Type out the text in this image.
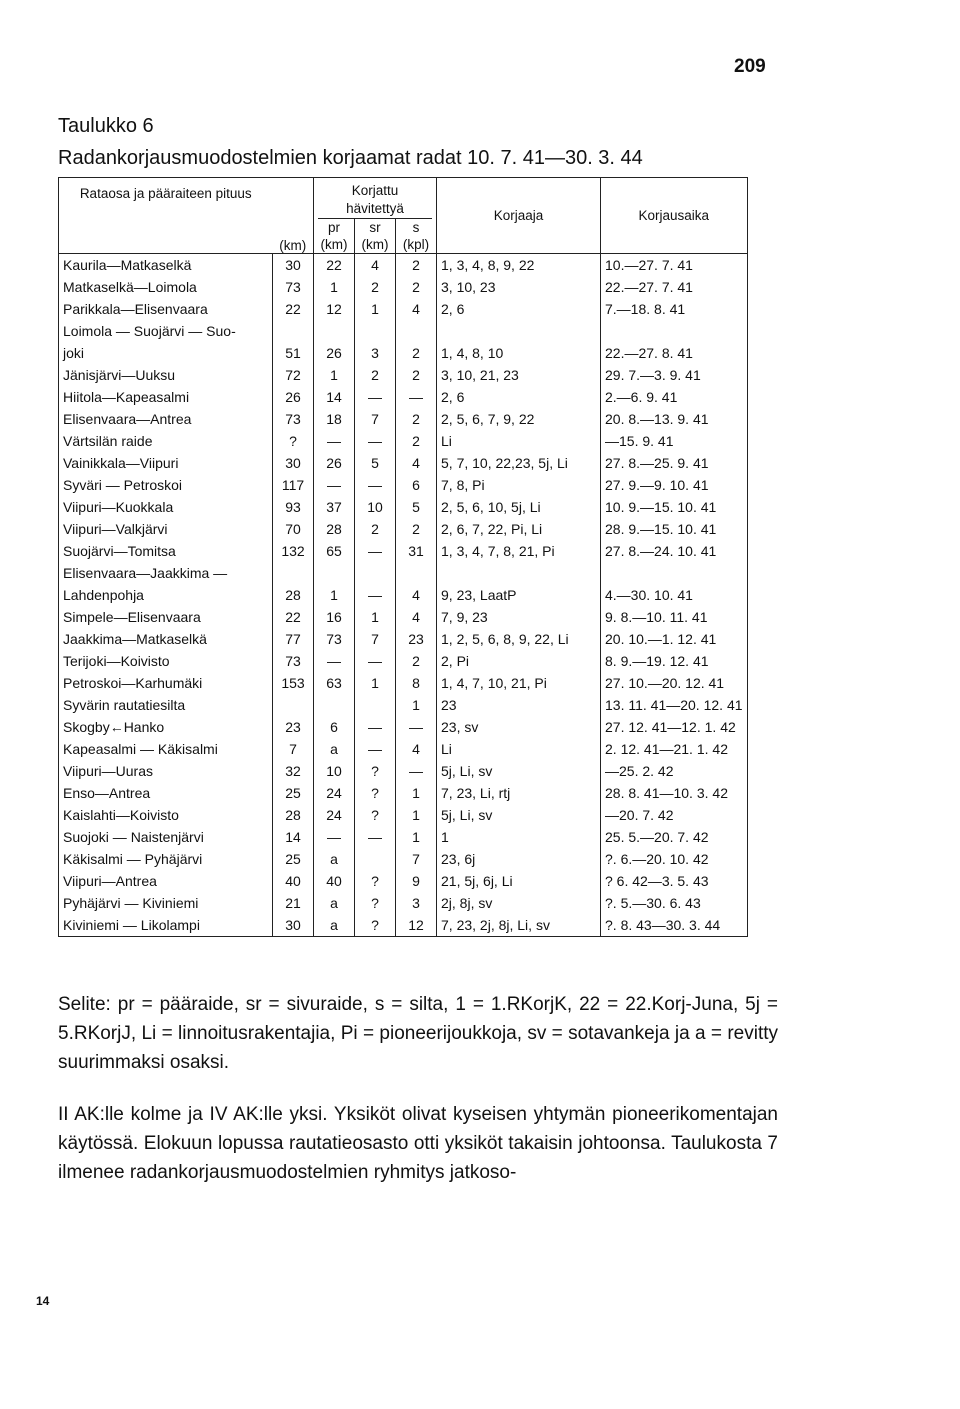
209
Taulukko 6
Radankorjausmuodostelmien korjaamat radat 10. 7. 41—30. 3. 44
Rataosa ja pääraiteen pituus	(km)	Korjattu
hävitettyä			Korjaaja	Korjausaika
		pr	sr	s		
		(km)	(km)	(kpl)		
Kaurila—Matkaselkä	30	22	4	2	1, 3, 4, 8, 9, 22	10.—27. 7. 41
Matkaselkä—Loimola	73	1	2	2	3, 10, 23	22.—27. 7. 41
Parikkala—Elisenvaara	22	12	1	4	2, 6	7.—18. 8. 41
Loimola — Suojärvi — Suo-						
joki	51	26	3	2	1, 4, 8, 10	22.—27. 8. 41
Jänisjärvi—Uuksu	72	1	2	2	3, 10, 21, 23	29. 7.—3. 9. 41
Hiitola—Kapeasalmi	26	14	—	—	2, 6	2.—6. 9. 41
Elisenvaara—Antrea	73	18	7	2	2, 5, 6, 7, 9, 22	20. 8.—13. 9. 41
Värtsilän raide	?	—	—	2	Li	—15. 9. 41
Vainikkala—Viipuri	30	26	5	4	5, 7, 10, 22,23, 5j, Li	27. 8.—25. 9. 41
Syväri — Petroskoi	117	—	—	6	7, 8, Pi	27. 9.—9. 10. 41
Viipuri—Kuokkala	93	37	10	5	2, 5, 6, 10, 5j, Li	10. 9.—15. 10. 41
Viipuri—Valkjärvi	70	28	2	2	2, 6, 7, 22, Pi, Li	28. 9.—15. 10. 41
Suojärvi—Tomitsa	132	65	—	31	1, 3, 4, 7, 8, 21, Pi	27. 8.—24. 10. 41
Elisenvaara—Jaakkima —						
Lahdenpohja	28	1	—	4	9, 23, LaatP	4.—30. 10. 41
Simpele—Elisenvaara	22	16	1	4	7, 9, 23	9. 8.—10. 11. 41
Jaakkima—Matkaselkä	77	73	7	23	1, 2, 5, 6, 8, 9, 22, Li	20. 10.—1. 12. 41
Terijoki—Koivisto	73	—	—	2	2, Pi	8. 9.—19. 12. 41
Petroskoi—Karhumäki	153	63	1	8	1, 4, 7, 10, 21, Pi	27. 10.—20. 12. 41
Syvärin rautatiesilta				1	23	13. 11. 41—20. 12. 41
Skogby←Hanko	23	6	—	—	23, sv	27. 12. 41—12. 1. 42
Kapeasalmi — Käkisalmi	7	a	—	4	Li	2. 12. 41—21. 1. 42
Viipuri—Uuras	32	10	?	—	5j, Li, sv	—25. 2. 42
Enso—Antrea	25	24	?	1	7, 23, Li, rtj	28. 8. 41—10. 3. 42
Kaislahti—Koivisto	28	24	?	1	5j, Li, sv	—20. 7. 42
Suojoki — Naistenjärvi	14	—	—	1	1	25. 5.—20. 7. 42
Käkisalmi — Pyhäjärvi	25	a		7	23, 6j	?. 6.—20. 10. 42
Viipuri—Antrea	40	40	?	9	21, 5j, 6j, Li	? 6. 42—3. 5. 43
Pyhäjärvi — Kiviniemi	21	a	?	3	2j, 8j, sv	?. 5.—30. 6. 43
Kiviniemi — Likolampi	30	a	?	12	7, 23, 2j, 8j, Li, sv	?. 8. 43—30. 3. 44
Selite: pr = pääraide, sr = sivuraide, s = silta, 1 = 1.RKorjK, 22 = 22.Korj-Juna, 5j = 5.RKorjJ, Li = linnoitusrakentajia, Pi = pioneerijoukkoja, sv = sotavankeja ja a = revitty suurimmaksi osaksi.
II AK:lle kolme ja IV AK:lle yksi. Yksiköt olivat kyseisen yhtymän pioneerikomentajan käytössä. Elokuun lopussa rautatieosasto otti yksiköt takaisin johtoonsa. Taulukosta 7 ilmenee radankorjausmuodostelmien ryhmitys jatkoso-
14
